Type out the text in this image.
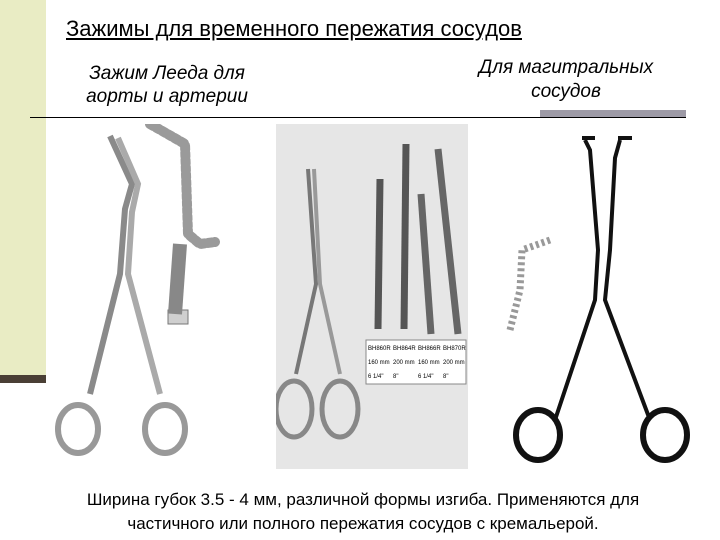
Зажимы для временного пережатия сосудов
Зажим Лееда для
аорты и артерии
Для магитральных
сосудов
BH860R BH864R BH866R BH870R
160 mm 200 mm 160 mm 200 mm
6 1/4" 8"	6 1/4" 8"
Ширина губок 3.5 - 4 мм, различной формы изгиба. Применяются для
частичного или полного пережатия сосудов с кремальерой.
